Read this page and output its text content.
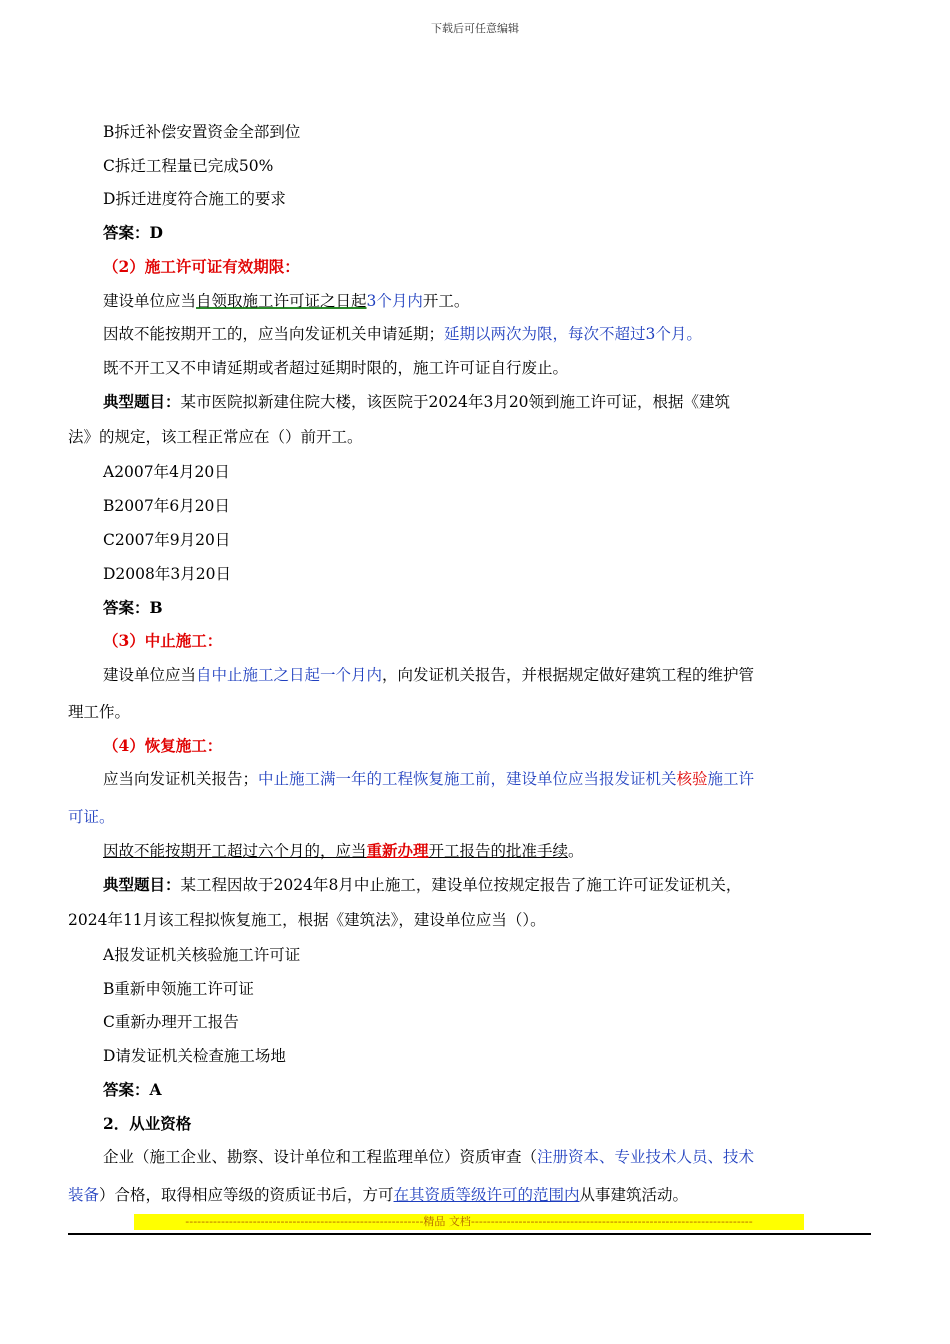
下载后可任意编辑
B拆迁补偿安置资金全部到位
C拆迁工程量已完成50%
D拆迁进度符合施工的要求
答案：D
（2）施工许可证有效期限：
建设单位应当自领取施工许可证之日起3个月内开工。
因故不能按期开工的，应当向发证机关申请延期；延期以两次为限，每次不超过3个月。
既不开工又不申请延期或者超过延期时限的，施工许可证自行废止。
典型题目：某市医院拟新建住院大楼，该医院于2024年3月20领到施工许可证，根据《建筑
法》的规定，该工程正常应在（）前开工。
A2007年4月20日
B2007年6月20日
C2007年9月20日
D2008年3月20日
答案：B
（3）中止施工：
建设单位应当自中止施工之日起一个月内，向发证机关报告，并根据规定做好建筑工程的维护管
理工作。
（4）恢复施工：
应当向发证机关报告；中止施工满一年的工程恢复施工前，建设单位应当报发证机关核验施工许
可证。
因故不能按期开工超过六个月的，应当重新办理开工报告的批准手续。
典型题目：某工程因故于2024年8月中止施工，建设单位按规定报告了施工许可证发证机关，
2024年11月该工程拟恢复施工，根据《建筑法》，建设单位应当（）。
A报发证机关核验施工许可证
B重新申领施工许可证
C重新办理开工报告
D请发证机关检查施工场地
答案：A
2．从业资格
企业（施工企业、勘察、设计单位和工程监理单位）资质审查（注册资本、专业技术人员、技术
装备）合格，取得相应等级的资质证书后，方可在其资质等级许可的范围内从事建筑活动。
------------------------------------------------------------精品 文档-----------------------------------------------------------------------
